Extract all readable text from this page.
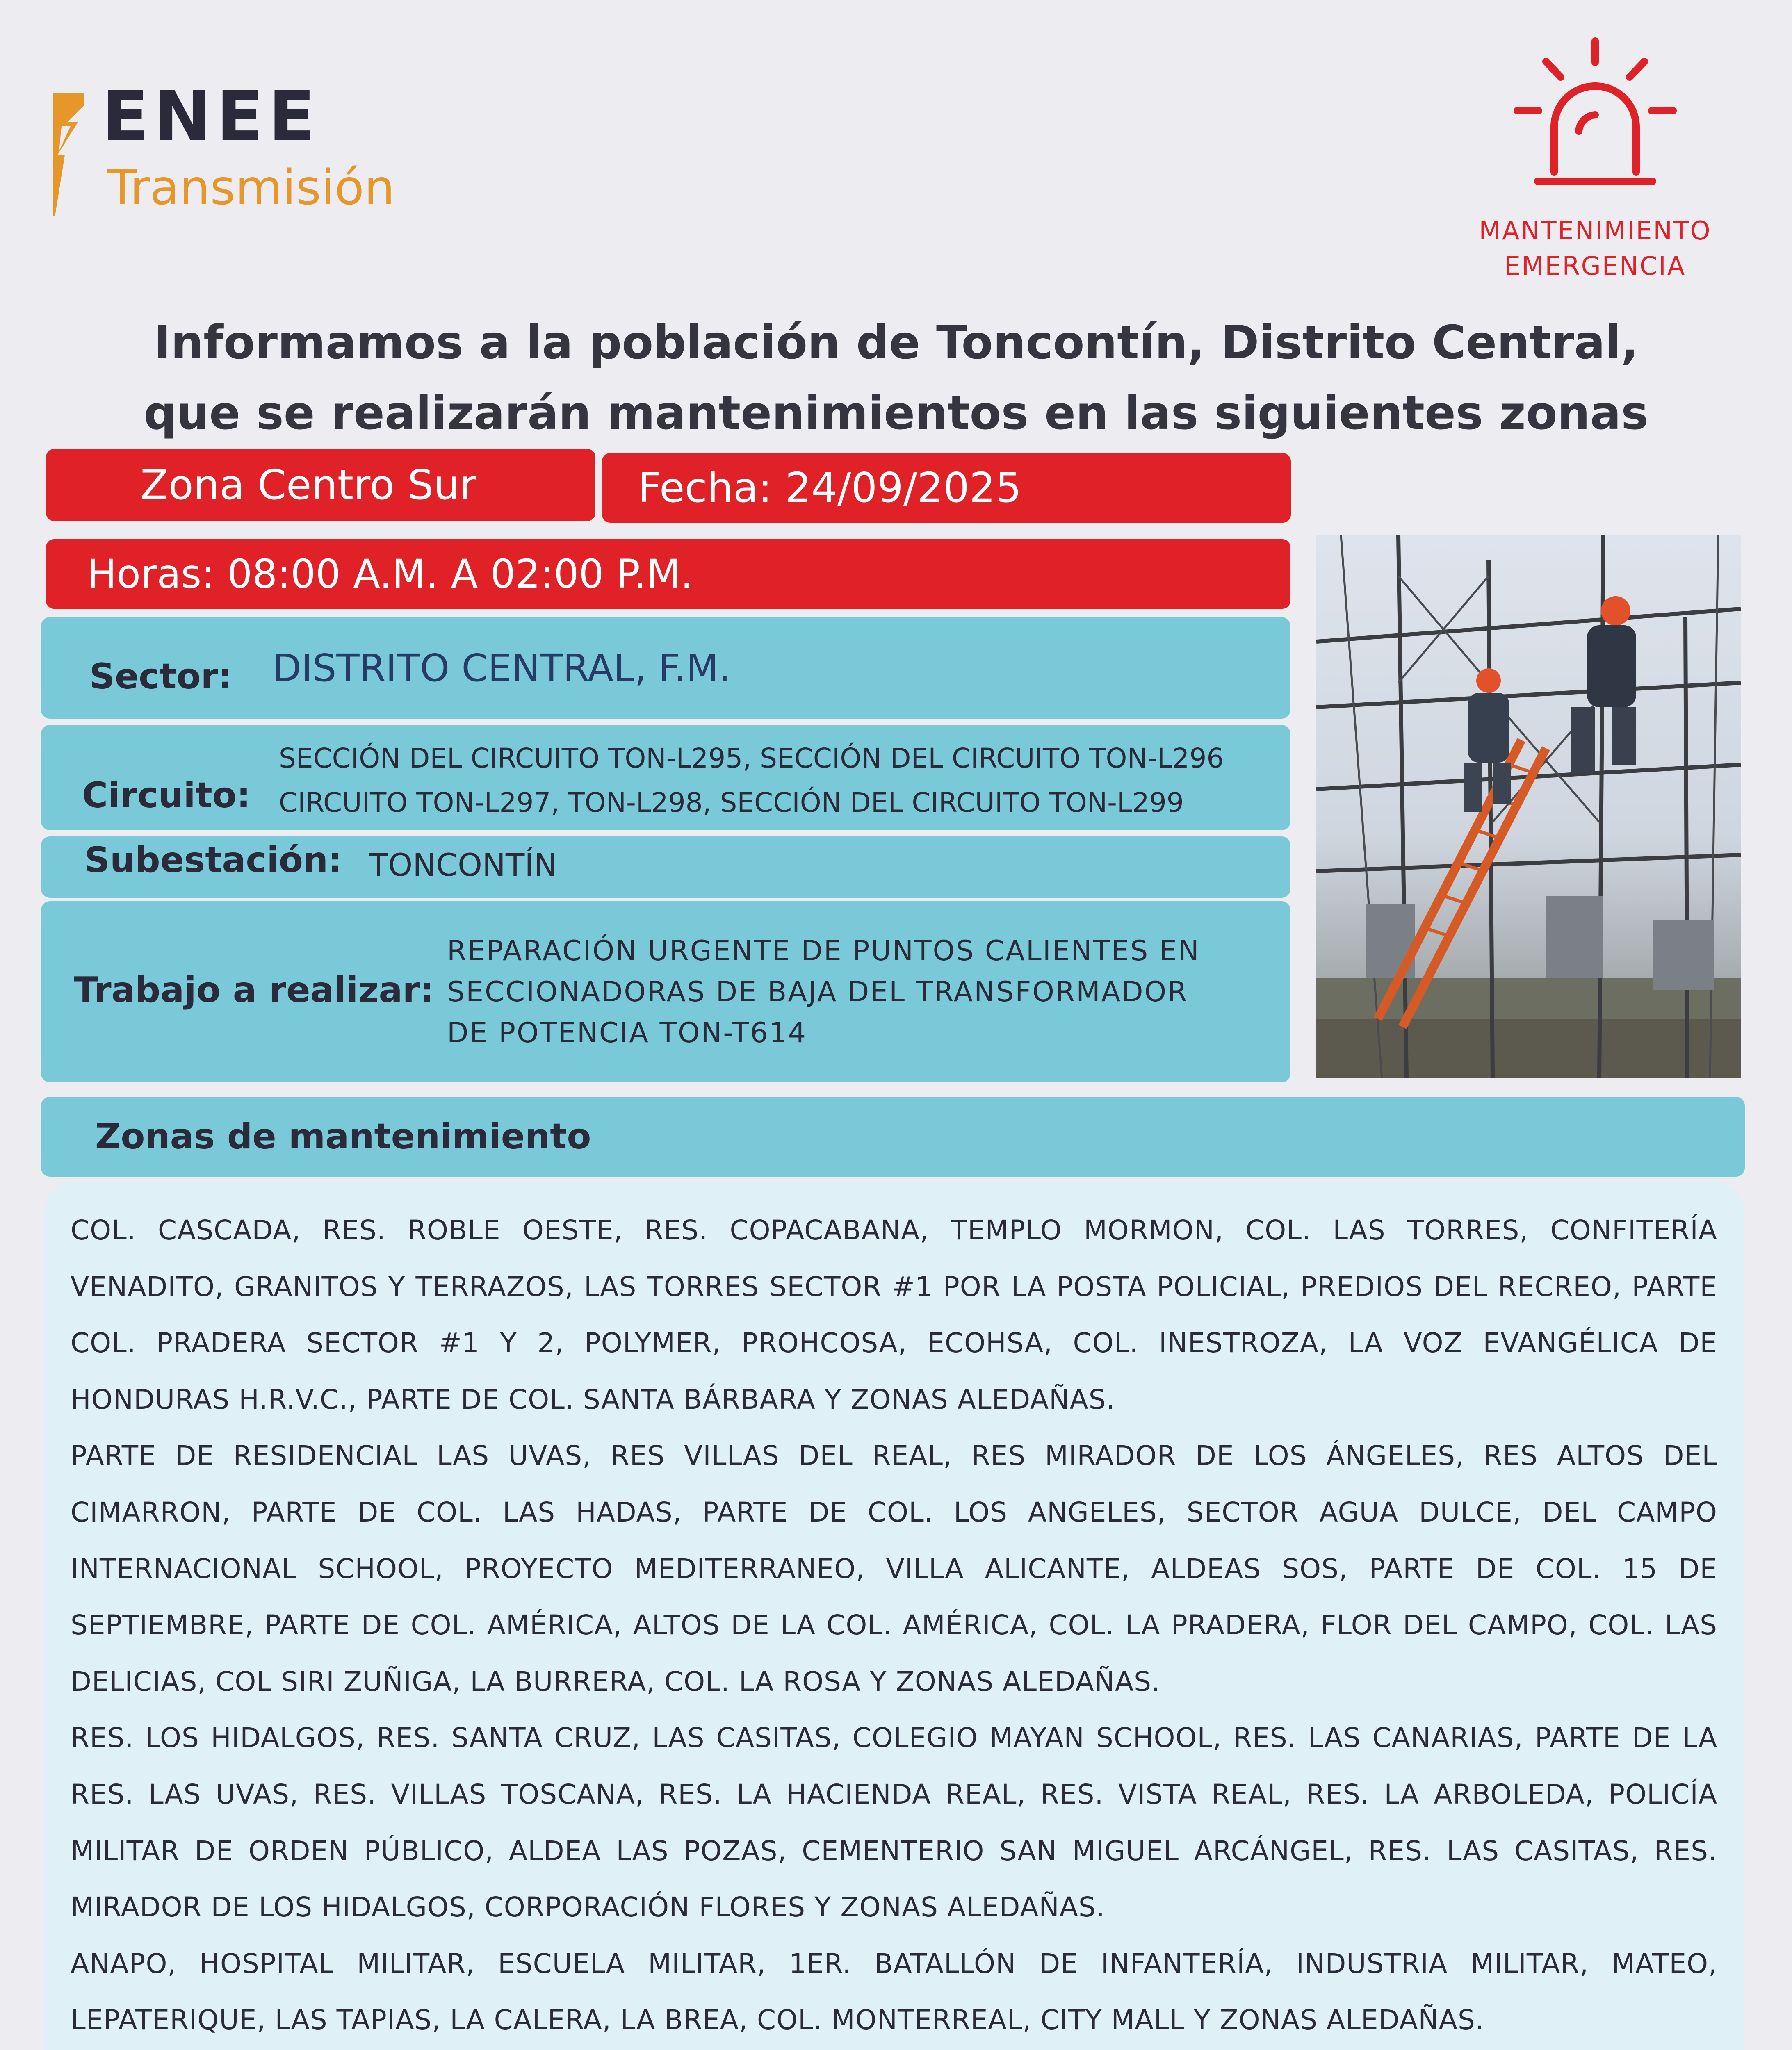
ENEE
Transmisión
MANTENIMIENTO
EMERGENCIA
Informamos a la población de Toncontín, Distrito Central,
que se realizarán mantenimientos en las siguientes zonas
Zona Centro Sur	Fecha: 24/09/2025
Horas: 08:00 A.M. A 02:00 P.M.
Sector: DISTRITO CENTRAL, F.M.
Circuito:
SECCIÓN DEL CIRCUITO TON-L295, SECCIÓN DEL CIRCUITO TON-L296
CIRCUITO TON-L297, TON-L298, SECCIÓN DEL CIRCUITO TON-L299
Subestación: TONCONTÍN
Trabajo a realizar:
REPARACIÓN URGENTE DE PUNTOS CALIENTES EN
SECCIONADORAS DE BAJA DEL TRANSFORMADOR
DE POTENCIA TON-T614
Zonas de mantenimiento

COL. CASCADA, RES. ROBLE OESTE, RES. COPACABANA, TEMPLO MORMON, COL. LAS TORRES, CONFITERÍA VENADITO, GRANITOS Y TERRAZOS, LAS TORRES SECTOR #1 POR LA POSTA POLICIAL, PREDIOS DEL RECREO, PARTE COL. PRADERA SECTOR #1 Y 2, POLYMER, PROHCOSA, ECOHSA, COL. INESTROZA, LA VOZ EVANGÉLICA DE HONDURAS H.R.V.C., PARTE DE COL. SANTA BÁRBARA Y ZONAS ALEDAÑAS.

PARTE DE RESIDENCIAL LAS UVAS, RES VILLAS DEL REAL, RES MIRADOR DE LOS ÁNGELES, RES ALTOS DEL CIMARRON, PARTE DE COL. LAS HADAS, PARTE DE COL. LOS ANGELES, SECTOR AGUA DULCE, DEL CAMPO INTERNACIONAL SCHOOL, PROYECTO MEDITERRANEO, VILLA ALICANTE, ALDEAS SOS, PARTE DE COL. 15 DE SEPTIEMBRE, PARTE DE COL. AMÉRICA, ALTOS DE LA COL. AMÉRICA, COL. LA PRADERA, FLOR DEL CAMPO, COL. LAS DELICIAS, COL SIRI ZUÑIGA, LA BURRERA, COL. LA ROSA Y ZONAS ALEDAÑAS.

RES. LOS HIDALGOS, RES. SANTA CRUZ, LAS CASITAS, COLEGIO MAYAN SCHOOL, RES. LAS CANARIAS, PARTE DE LA RES. LAS UVAS, RES. VILLAS TOSCANA, RES. LA HACIENDA REAL, RES. VISTA REAL, RES. LA ARBOLEDA, POLICÍA MILITAR DE ORDEN PÚBLICO, ALDEA LAS POZAS, CEMENTERIO SAN MIGUEL ARCÁNGEL, RES. LAS CASITAS, RES. MIRADOR DE LOS HIDALGOS, CORPORACIÓN FLORES Y ZONAS ALEDAÑAS.

ANAPO, HOSPITAL MILITAR, ESCUELA MILITAR, 1ER. BATALLÓN DE INFANTERÍA, INDUSTRIA MILITAR, MATEO, LEPATERIQUE, LAS TAPIAS, LA CALERA, LA BREA, COL. MONTERREAL, CITY MALL Y ZONAS ALEDAÑAS.
